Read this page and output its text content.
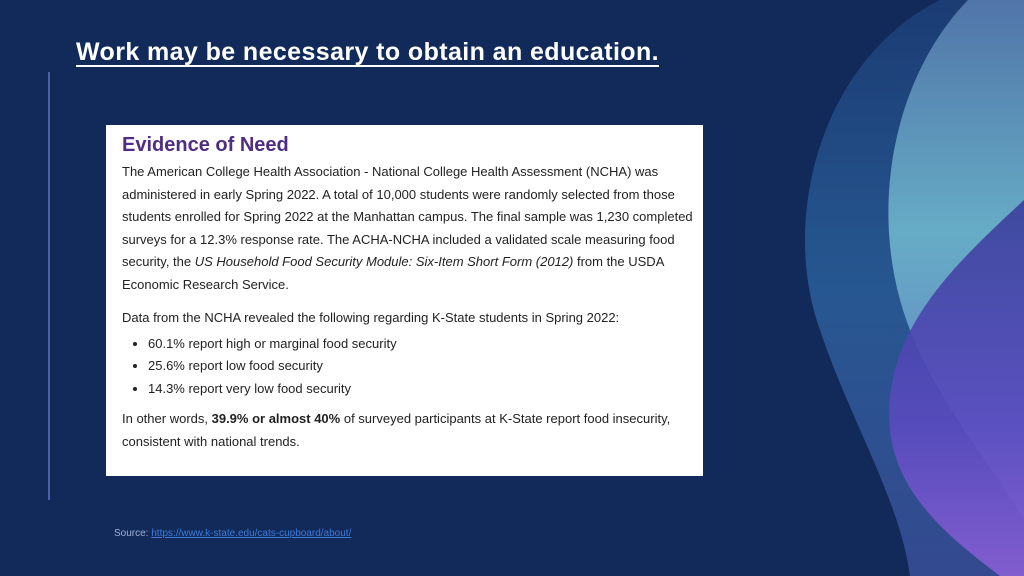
Work may be necessary to obtain an education.
Evidence of Need

The American College Health Association - National College Health Assessment (NCHA) was

administered in early Spring 2022. A total of 10,000 students were randomly selected from those

students enrolled for Spring 2022 at the Manhattan campus. The final sample was 1,230 completed

surveys for a 12.3% response rate. The ACHA-NCHA included a validated scale measuring food

security, the US Household Food Security Module: Six-Item Short Form (2012) from the USDA

Economic Research Service.

Data from the NCHA revealed the following regarding K-State students in Spring 2022:

• 60.1% report high or marginal food security
• 25.6% report low food security
• 14.3% report very low food security

In other words, 39.9% or almost 40% of surveyed participants at K-State report food insecurity,

consistent with national trends.

Source: https://www.k-state.edu/cats-cupboard/about/
